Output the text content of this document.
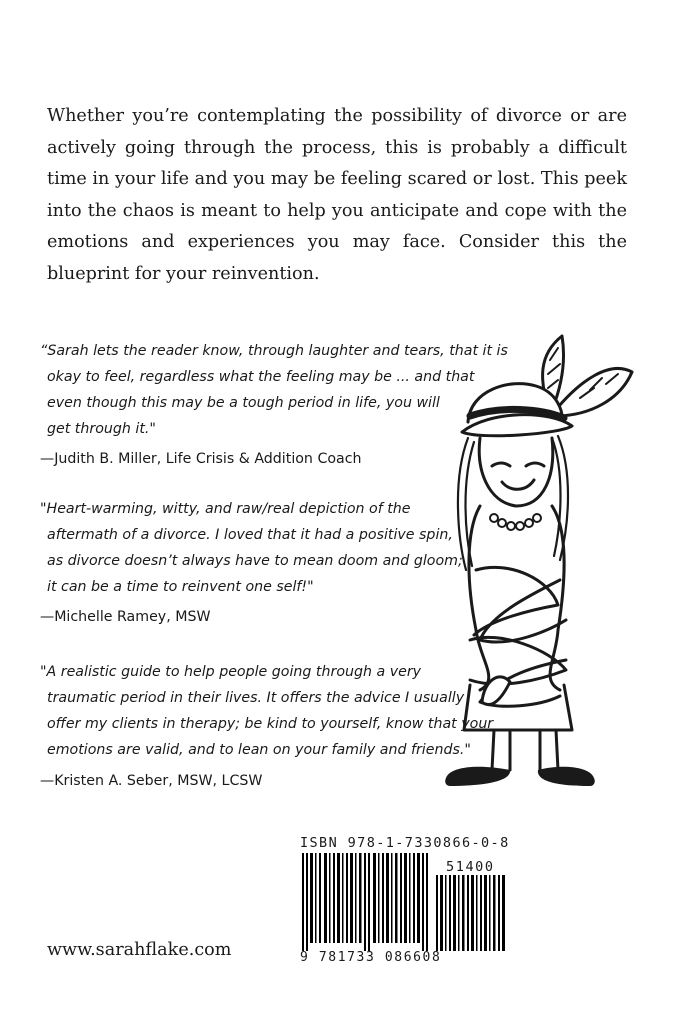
Whether you’re contemplating the possibility of divorce or are actively going through the process, this is probably a difficult time in your life and you may be feeling scared or lost. This peek into the chaos is meant to help you anticipate and cope with the emotions and experiences you may face. Consider this the blueprint for your reinvention.

“Sarah lets the reader know, through laughter and tears, that it is
okay to feel, regardless what the feeling may be ... and that
even though this may be a tough period in life, you will
get through it."

—Judith B. Miller, Life Crisis & Addition Coach

"Heart-warming, witty, and raw/real depiction of the
aftermath of a divorce. I loved that it had a positive spin,
as divorce doesn’t always have to mean doom and gloom;
it can be a time to reinvent one self!"

—Michelle Ramey, MSW

"A realistic guide to help people going through a very
traumatic period in their lives. It offers the advice I usually
offer my clients in therapy; be kind to yourself, know that your
emotions are valid, and to lean on your family and friends."

—Kristen A. Seber, MSW, LCSW

ISBN 978-1-7330866-0-8
51400
9 781733 086608

www.sarahflake.com
